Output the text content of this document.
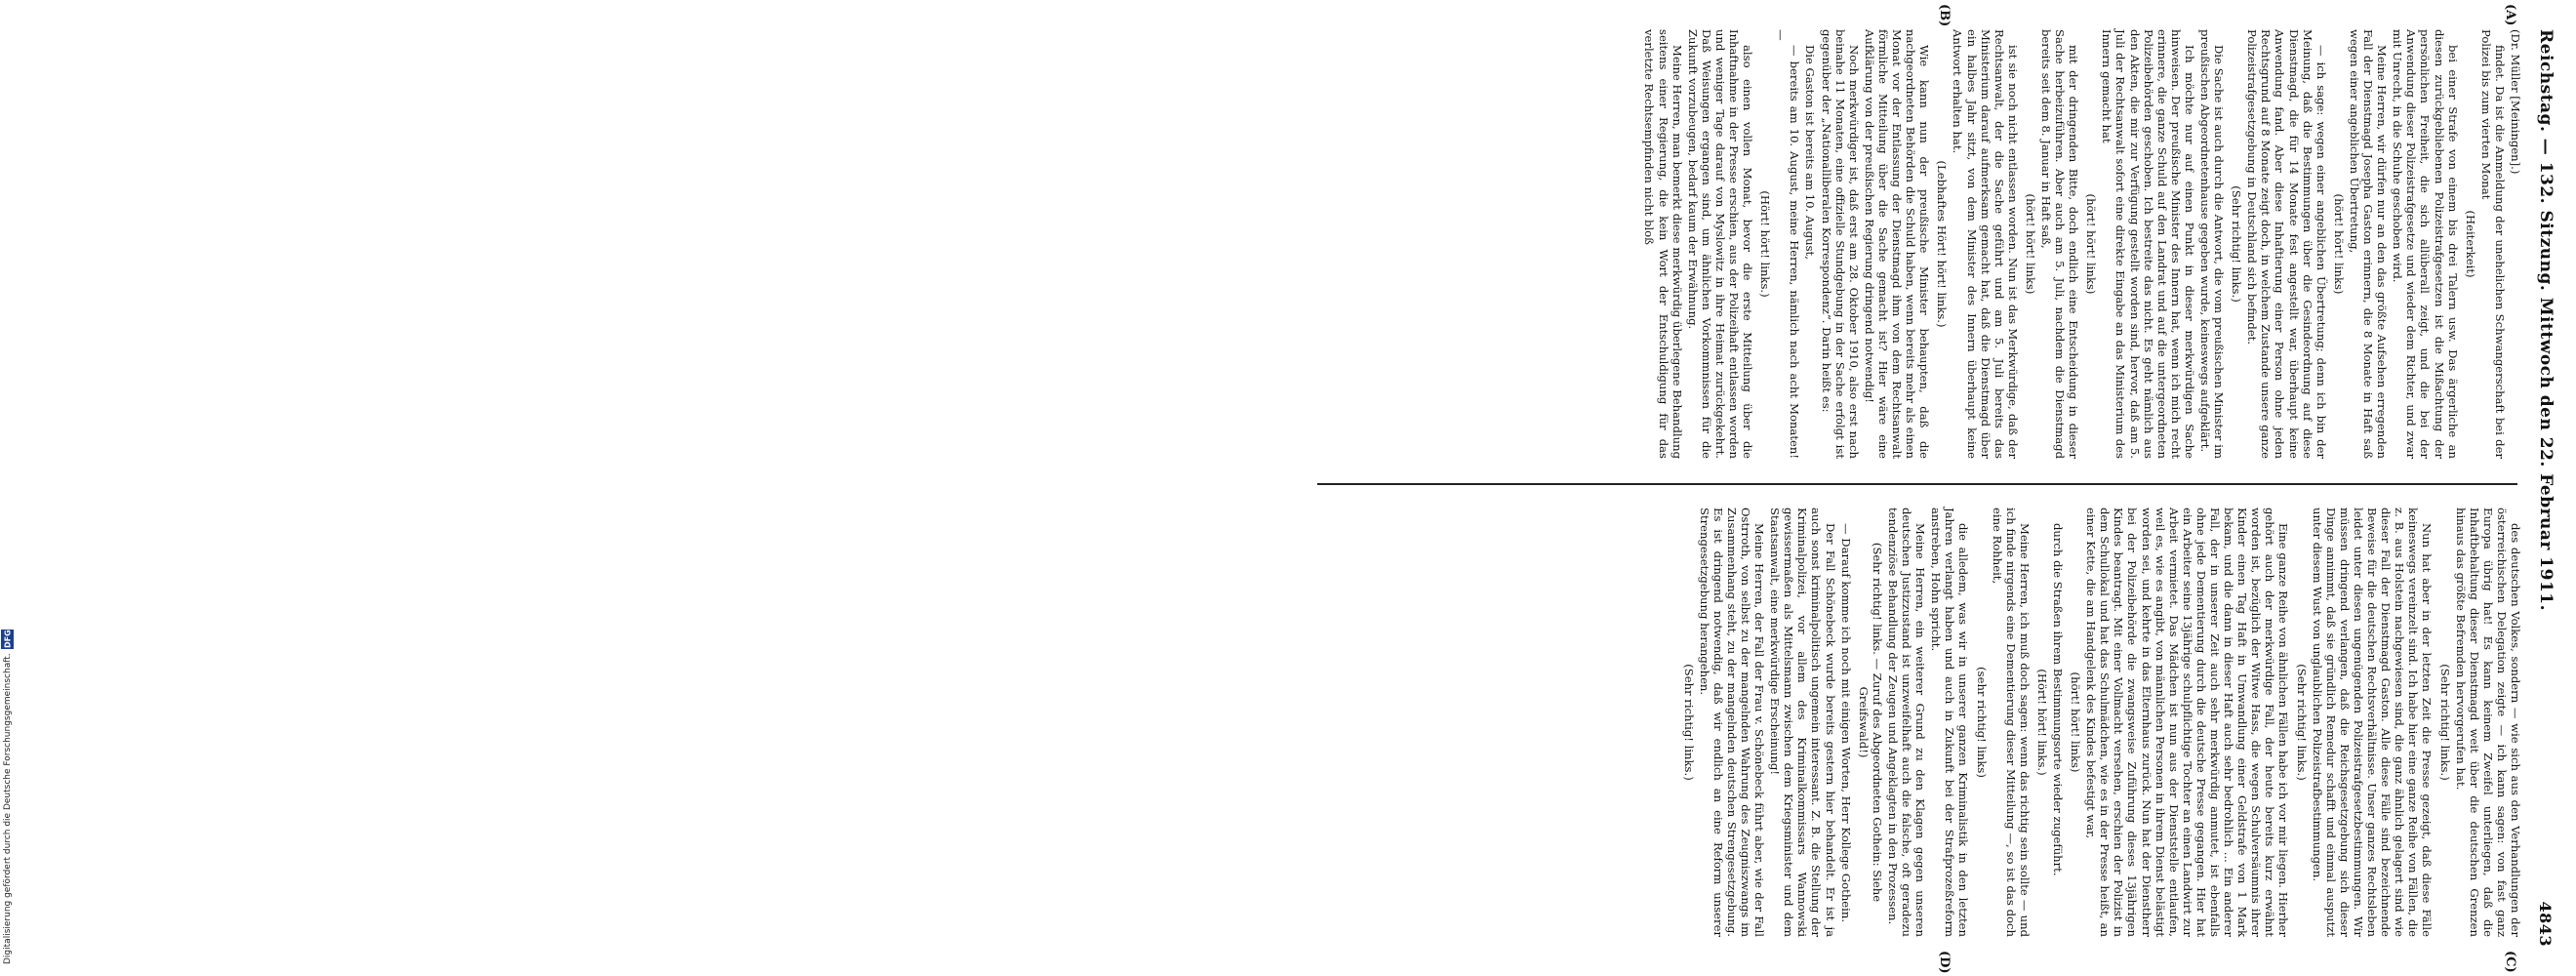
Reichstag. — 132. Sitzung. Mittwoch den 22. Februar 1911.
4843
(A)
(B)
(C)
(D)

(Dr. Müller [Meiningen].)

findet. Da ist die Anmeldung der unehelichen Schwangerschaft bei der Polizei bis zum vierten Monat

(Heiterkeit)

bei einer Strafe von einem bis drei Talern usw. Das ärgerliche an diesen zurückgebliebenen Polizeistrafgesetzen ist die Mißachtung der persönlichen Freiheit, die sich allüberall zeigt, und die bei der Anwendung dieser Polizeistrafgesetze und wieder dem Richter, und zwar mit Unrecht, in die Schuhe geschoben wird.

Meine Herren, wir dürfen nur an den das größte Aufsehen erregenden Fall der Dienstmagd Josepha Gaston erinnern, die 8 Monate in Haft saß wegen einer angeblichen Übertretung,

(hört! hört! links)

— ich sage: wegen einer angeblichen Übertretung; denn ich bin der Meinung, daß die Bestimmungen über die Gesindeordnung auf diese Dienstmagd, die für 14 Monate fest angestellt war, überhaupt keine Anwendung fand. Aber diese Inhaftierung einer Person ohne jeden Rechtsgrund auf 8 Monate zeigt doch, in welchem Zustande unsere ganze Polizeistrafgesetzgebung in Deutschland sich befindet.

(Sehr richtig! links.)

Die Sache ist auch durch die Antwort, die vom preußischen Minister im preußischen Abgeordnetenhause gegeben wurde, keineswegs aufgeklärt.

Ich möchte nur auf einen Punkt in dieser merkwürdigen Sache hinweisen. Der preußische Minister des Innern hat, wenn ich mich recht erinnere, die ganze Schuld auf den Landrat und auf die untergeordneten Polizeibehörden geschoben. Ich bestreite das nicht. Es geht nämlich aus den Akten, die mir zur Verfügung gestellt worden sind, hervor, daß am 5. Juli der Rechtsanwalt sofort eine direkte Eingabe an das Ministerium des Innern gemacht hat

(hört! hört! links)

mit der dringenden Bitte, doch endlich eine Entscheidung in dieser Sache herbeizuführen. Aber auch am 5. Juli, nachdem die Dienstmagd bereits seit dem 8. Januar in Haft saß,

(hört! hört! links)

ist sie noch nicht entlassen worden. Nun ist das Merkwürdige, daß der Rechtsanwalt, der die Sache geführt und am 5. Juli bereits das Ministerium darauf aufmerksam gemacht hat, daß die Dienstmagd über ein halbes Jahr sitzt, von dem Minister des Innern überhaupt keine Antwort erhalten hat.

(Lebhaftes Hört! hört! links.)

Wie kann nun der preußische Minister behaupten, daß die nachgeordneten Behörden die Schuld haben, wenn bereits mehr als einen Monat vor der Entlassung der Dienstmagd ihm von dem Rechtsanwalt förmliche Mitteilung über die Sache gemacht ist? Hier wäre eine Aufklärung von der preußischen Regierung dringend notwendig!

Noch merkwürdiger ist, daß erst am 28. Oktober 1910, also erst nach beinahe 11 Monaten, eine offizielle Stundgebung in der Sache erfolgt ist gegenüber der „Nationalliberalen Korrespondenz“. Darin heißt es:

Die Gaston ist bereits am 10. August,

— bereits am 10. August, meine Herren, nämlich nach acht Monaten! —

(Hört! hört! links.)

also einen vollen Monat, bevor die erste Mitteilung über die Inhaftnahme in der Presse erschien, aus der Polizeihaft entlassen worden und weniger Tage darauf von Myslowitz in ihre Heimat zurückgekehrt. Daß Weisungen ergangen sind, um ähnlichen Vorkommnissen für die Zukunft vorzubeugen, bedarf kaum der Erwähnung.

Meine Herren, man bemerkt diese merkwürdig überlegene Behandlung seitens einer Regierung, die kein Wort der Entschuldigung für das verletzte Rechtsempfinden nicht bloß

des deutschen Volkes, sondern — wie sich aus den Verhandlungen der österreichischen Delegation zeigte — ich kann sagen: von fast ganz Europa übrig hat! Es kann keinem Zweifel unterliegen, daß die Inhaftbehaltung dieser Dienstmagd weit über die deutschen Grenzen hinaus das größte Befremden hervorgerufen hat.

(Sehr richtig! links.)

Nun hat aber in der letzten Zeit die Presse gezeigt, daß diese Fälle keineswegs vereinzelt sind. Ich habe hier eine ganze Reihe von Fällen, die z. B. aus Holstein nachgewiesen sind, die ganz ähnlich gelagert sind wie dieser Fall der Dienstmagd Gaston. Alle diese Fälle sind bezeichnende Beweise für die deutschen Rechtsverhältnisse. Unser ganzes Rechtsleben leidet unter diesen ungenügenden Polizeistrafgesetzbestimmungen. Wir müssen dringend verlangen, daß die Reichsgesetzgebung sich dieser Dinge annimmt, daß sie gründlich Remedur schafft und einmal ausputzt unter diesem Wust von unglaublichen Polizeistrafbestimmungen.

(Sehr richtig! links.)

Eine ganze Reihe von ähnlichen Fällen habe ich vor mir liegen. Hierher gehört auch der merkwürdige Fall, der heute bereits kurz erwähnt worden ist, bezüglich der Witwe Hass, die wegen Schulversäumnis ihrer Kinder einen Tag Haft in Umwandlung einer Geldstrafe von 1 Mark bekam, und die dann in dieser Haft auch sehr bedrohlich ... Ein anderer Fall, der in unserer Zeit auch sehr merkwürdig anmutet, ist ebenfalls ohne jede Dementierung durch die deutsche Presse gegangen. Hier hat ein Arbeiter seine 13jährige schulpflichtige Tochter an einen Landwirt zur Arbeit vermietet. Das Mädchen ist nun aus der Dienststelle entlaufen, weil es, wie es angibt, von männlichen Personen in ihrem Dienst belästigt worden sei, und kehrte in das Elternhaus zurück. Nun hat der Dienstherr bei der Polizeibehörde die zwangsweise Zuführung dieses 13jährigen Kindes beantragt. Mit einer Vollmacht versehen, erschien der Polizist in dem Schullokal und hat das Schulmädchen, wie es in der Presse heißt, an einer Kette, die am Handgelenk des Kindes befestigt war,

(hört! hört! links)

durch die Straßen ihrem Bestimmungsorte wieder zugeführt.

(Hört! hört! links.)

Meine Herren, ich muß doch sagen: wenn das richtig sein sollte — und ich finde nirgends eine Dementierung dieser Mitteilung —, so ist das doch eine Rohheit,

(sehr richtig! links)

die alledem, was wir in unserer ganzen Kriminalistik in den letzten Jahren verlangt haben und auch in Zukunft bei der Strafprozeßreform anstreben, Hohn spricht.

Meine Herren, ein weiterer Grund zu den Klagen gegen unseren deutschen Justizzustand ist unzweifelhaft auch die falsche, oft geradezu tendenziöse Behandlung der Zeugen und Angeklagten in den Prozessen.

(Sehr richtig! links. — Zuruf des Abgeordneten Gothein: Siehe Greifswald!)

— Darauf komme ich noch mit einigen Worten, Herr Kollege Gothein.

Der Fall Schönebeck wurde bereits gestern hier behandelt. Er ist ja auch sonst kriminalpolitisch ungemein interessant. Z. B. die Stellung der Kriminalpolizei, vor allem des Kriminalkommissars Wannowski gewissermaßen als Mittelsmann zwischen dem Kriegsminister und dem Staatsanwalt, eine merkwürdige Erscheinung!

Meine Herren, der Fall der Frau v. Schönebeck führt aber, wie der Fall Ostrroth, von selbst zu der mangelnden Wahrung des Zeugniszwangs im Zusammenhang steht, zu der mangelnden deutschen Strengesetzgebung. Es ist dringend notwendig, daß wir endlich an eine Reform unserer Strengesetzgebung herangehen.

(Sehr richtig! links.)

Digitalisierung gefördert durch die Deutsche Forschungsgemeinschaft.
DFG
